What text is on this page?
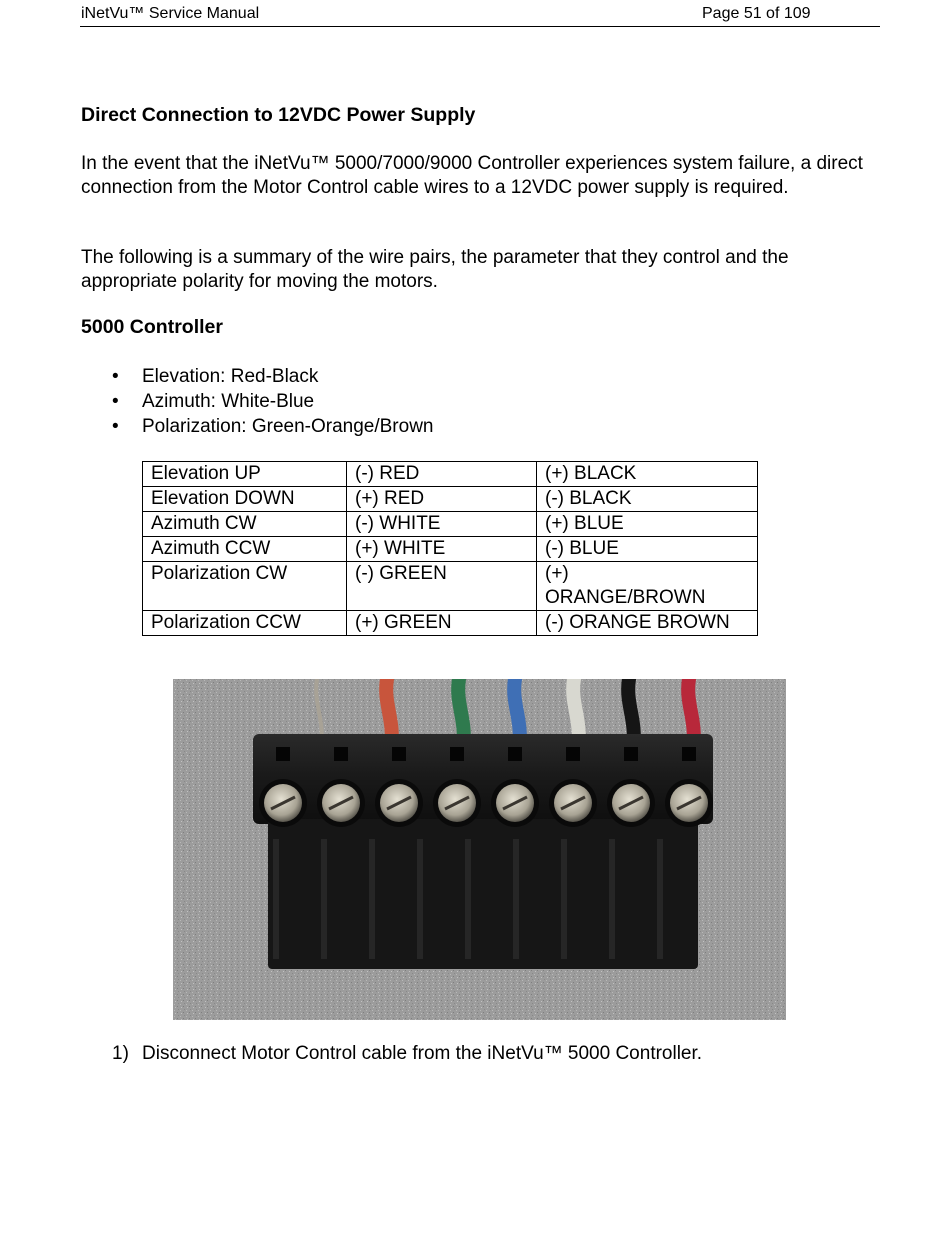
iNetVu™ Service Manual	Page 51 of 109
Direct Connection to 12VDC Power Supply
In the event that the iNetVu™ 5000/7000/9000 Controller experiences system failure, a direct connection from the Motor Control cable wires to a 12VDC power supply is required.
The following is a summary of the wire pairs, the parameter that they control and the appropriate polarity for moving the motors.
5000 Controller
• Elevation: Red-Black
• Azimuth: White-Blue
• Polarization: Green-Orange/Brown
Elevation UP	(-) RED	(+) BLACK
Elevation DOWN	(+) RED	(-) BLACK
Azimuth CW	(-) WHITE	(+) BLUE
Azimuth CCW	(+) WHITE	(-) BLUE
Polarization CW	(-) GREEN	(+)
ORANGE/BROWN
Polarization CCW	(+) GREEN	(-) ORANGE BROWN
1) Disconnect Motor Control cable from the iNetVu™ 5000 Controller.
